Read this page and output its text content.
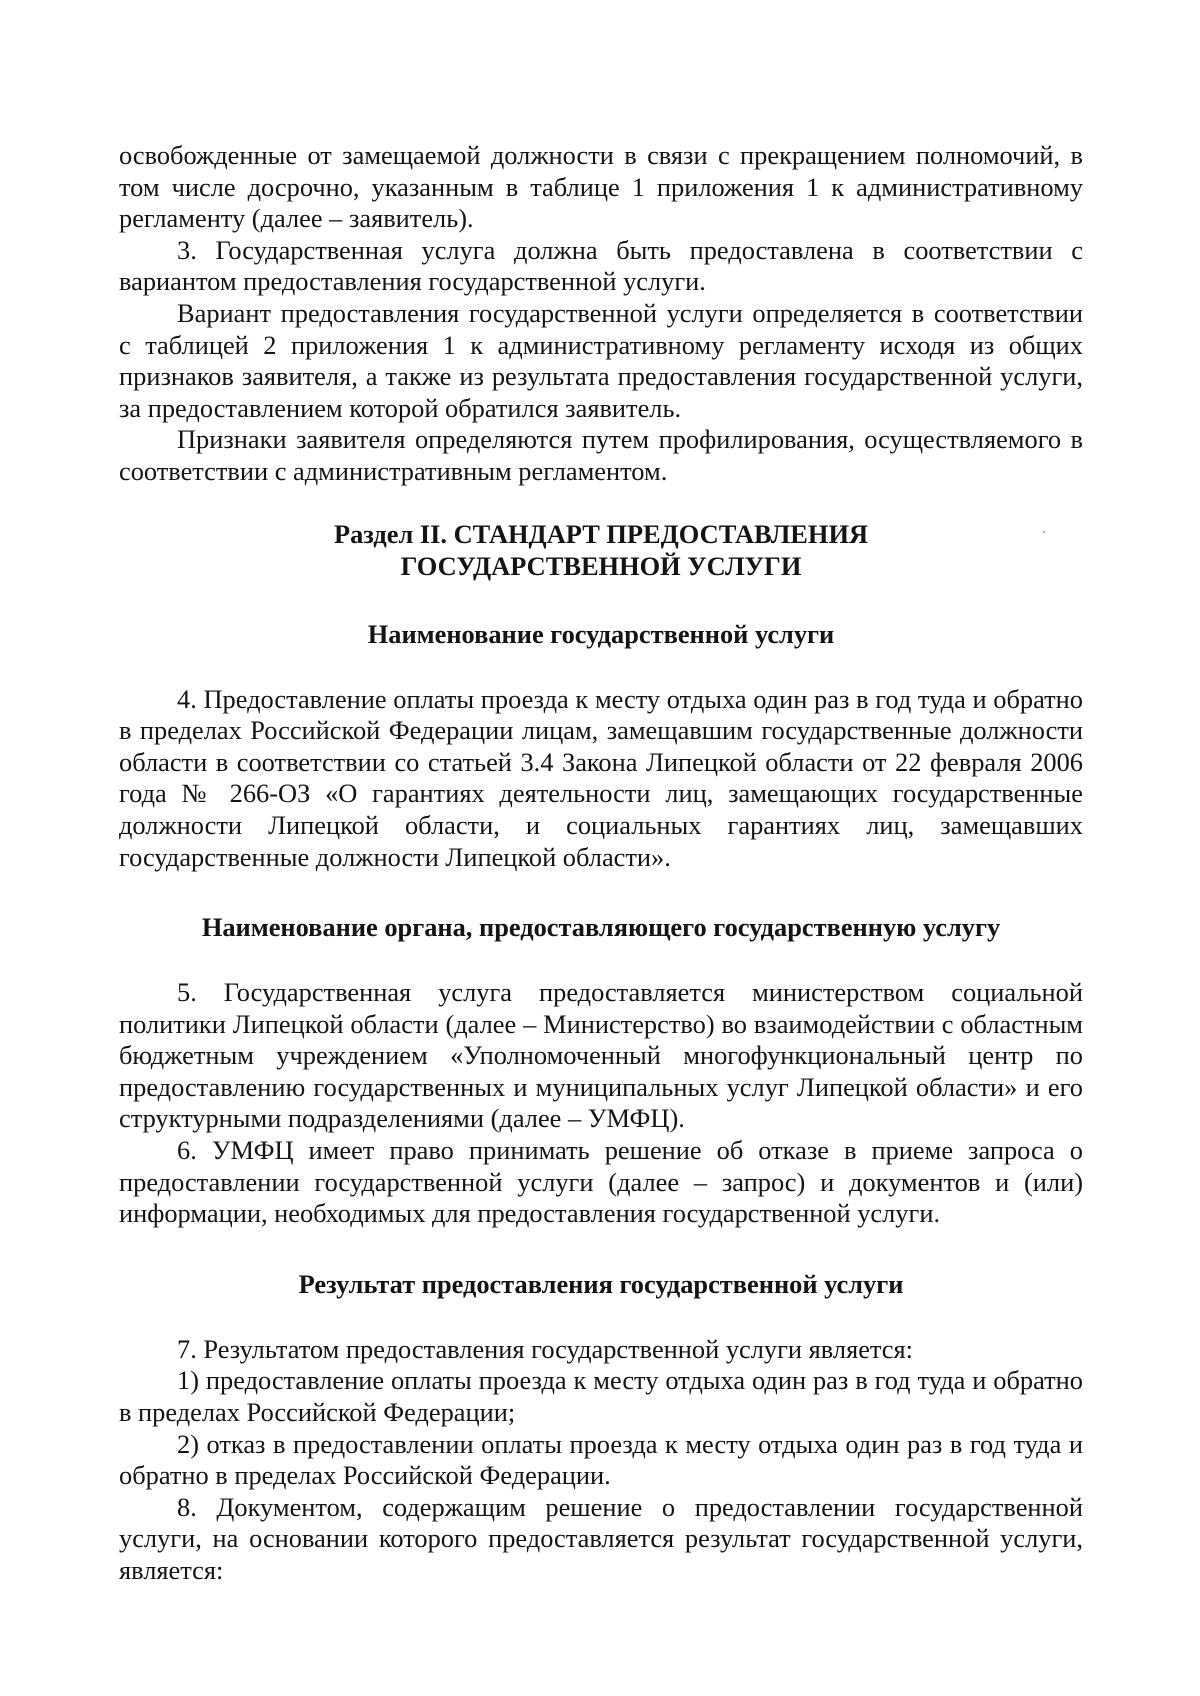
освобожденные от замещаемой должности в связи с прекращением полномочий, в том числе досрочно, указанным в таблице 1 приложения 1 к административному регламенту (далее – заявитель).

3. Государственная услуга должна быть предоставлена в соответствии с вариантом предоставления государственной услуги.

Вариант предоставления государственной услуги определяется в соответствии с таблицей 2 приложения 1 к административному регламенту исходя из общих признаков заявителя, а также из результата предоставления государственной услуги, за предоставлением которой обратился заявитель.

Признаки заявителя определяются путем профилирования, осуществляемого в соответствии с административным регламентом.

Раздел II. СТАНДАРТ ПРЕДОСТАВЛЕНИЯ
ГОСУДАРСТВЕННОЙ УСЛУГИ
Наименование государственной услуги

4. Предоставление оплаты проезда к месту отдыха один раз в год туда и обратно в пределах Российской Федерации лицам, замещавшим государственные должности области в соответствии со статьей 3.4 Закона Липецкой области от 22 февраля 2006 года № 266-ОЗ «О гарантиях деятельности лиц, замещающих государственные должности Липецкой области, и социальных гарантиях лиц, замещавших государственные должности Липецкой области».

Наименование органа, предоставляющего государственную услугу

5. Государственная услуга предоставляется министерством социальной политики Липецкой области (далее – Министерство) во взаимодействии с областным бюджетным учреждением «Уполномоченный многофункциональный центр по предоставлению государственных и муниципальных услуг Липецкой области» и его структурными подразделениями (далее – УМФЦ).

6. УМФЦ имеет право принимать решение об отказе в приеме запроса о предоставлении государственной услуги (далее – запрос) и документов и (или) информации, необходимых для предоставления государственной услуги.

Результат предоставления государственной услуги

7. Результатом предоставления государственной услуги является:

1) предоставление оплаты проезда к месту отдыха один раз в год туда и обратно в пределах Российской Федерации;

2) отказ в предоставлении оплаты проезда к месту отдыха один раз в год туда и обратно в пределах Российской Федерации.

8. Документом, содержащим решение о предоставлении государственной услуги, на основании которого предоставляется результат государственной услуги, является:
